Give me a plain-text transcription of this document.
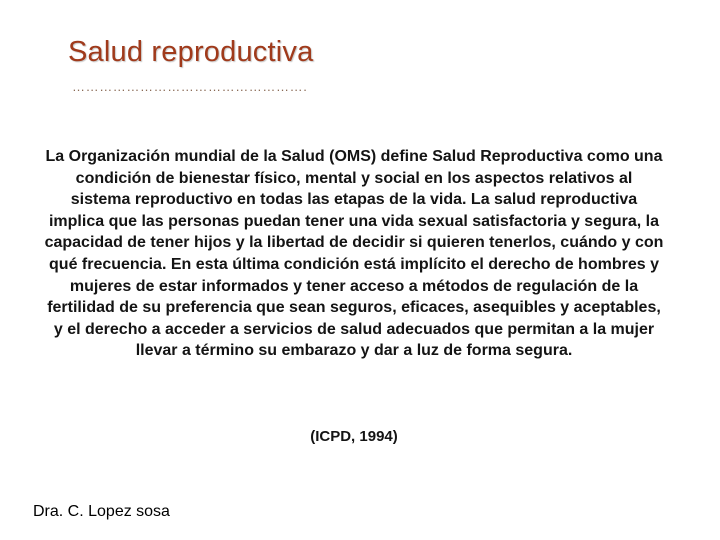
Salud reproductiva
…………………………………………….

La Organización mundial de la Salud (OMS) define Salud Reproductiva como una condición de bienestar físico, mental y social en los aspectos relativos al sistema reproductivo en todas las etapas de la vida. La salud reproductiva implica que las personas puedan tener una vida sexual satisfactoria y segura, la capacidad de tener hijos y la libertad de decidir si quieren tenerlos, cuándo y con qué frecuencia. En esta última condición está implícito el derecho de hombres y mujeres de estar informados y tener acceso a métodos de regulación de la fertilidad de su preferencia que sean seguros, eficaces, asequibles y aceptables, y el derecho a acceder a servicios de salud adecuados que permitan a la mujer llevar a término su embarazo y dar a luz de forma segura.

(ICPD, 1994)

Dra. C. Lopez sosa
